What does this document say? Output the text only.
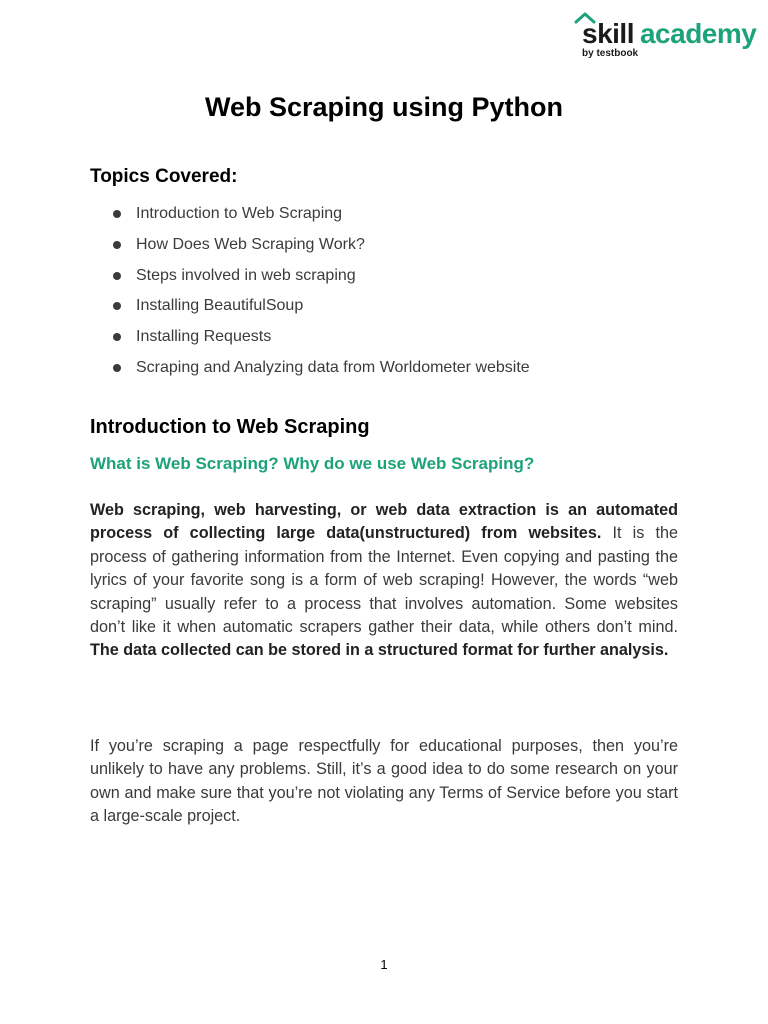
skill academy
by testbook
Web Scraping using Python
Topics Covered:
Introduction to Web Scraping
How Does Web Scraping Work?
Steps involved in web scraping
Installing BeautifulSoup
Installing Requests
Scraping and Analyzing data from Worldometer website
Introduction to Web Scraping
What is Web Scraping? Why do we use Web Scraping?

Web scraping, web harvesting, or web data extraction is an automated process of collecting large data(unstructured) from websites. It is the process of gathering information from the Internet. Even copying and pasting the lyrics of your favorite song is a form of web scraping! However, the words “web scraping” usually refer to a process that involves automation. Some websites don’t like it when automatic scrapers gather their data, while others don’t mind. The data collected can be stored in a structured format for further analysis.

If you’re scraping a page respectfully for educational purposes, then you’re unlikely to have any problems. Still, it’s a good idea to do some research on your own and make sure that you’re not violating any Terms of Service before you start a large-scale project.

1
